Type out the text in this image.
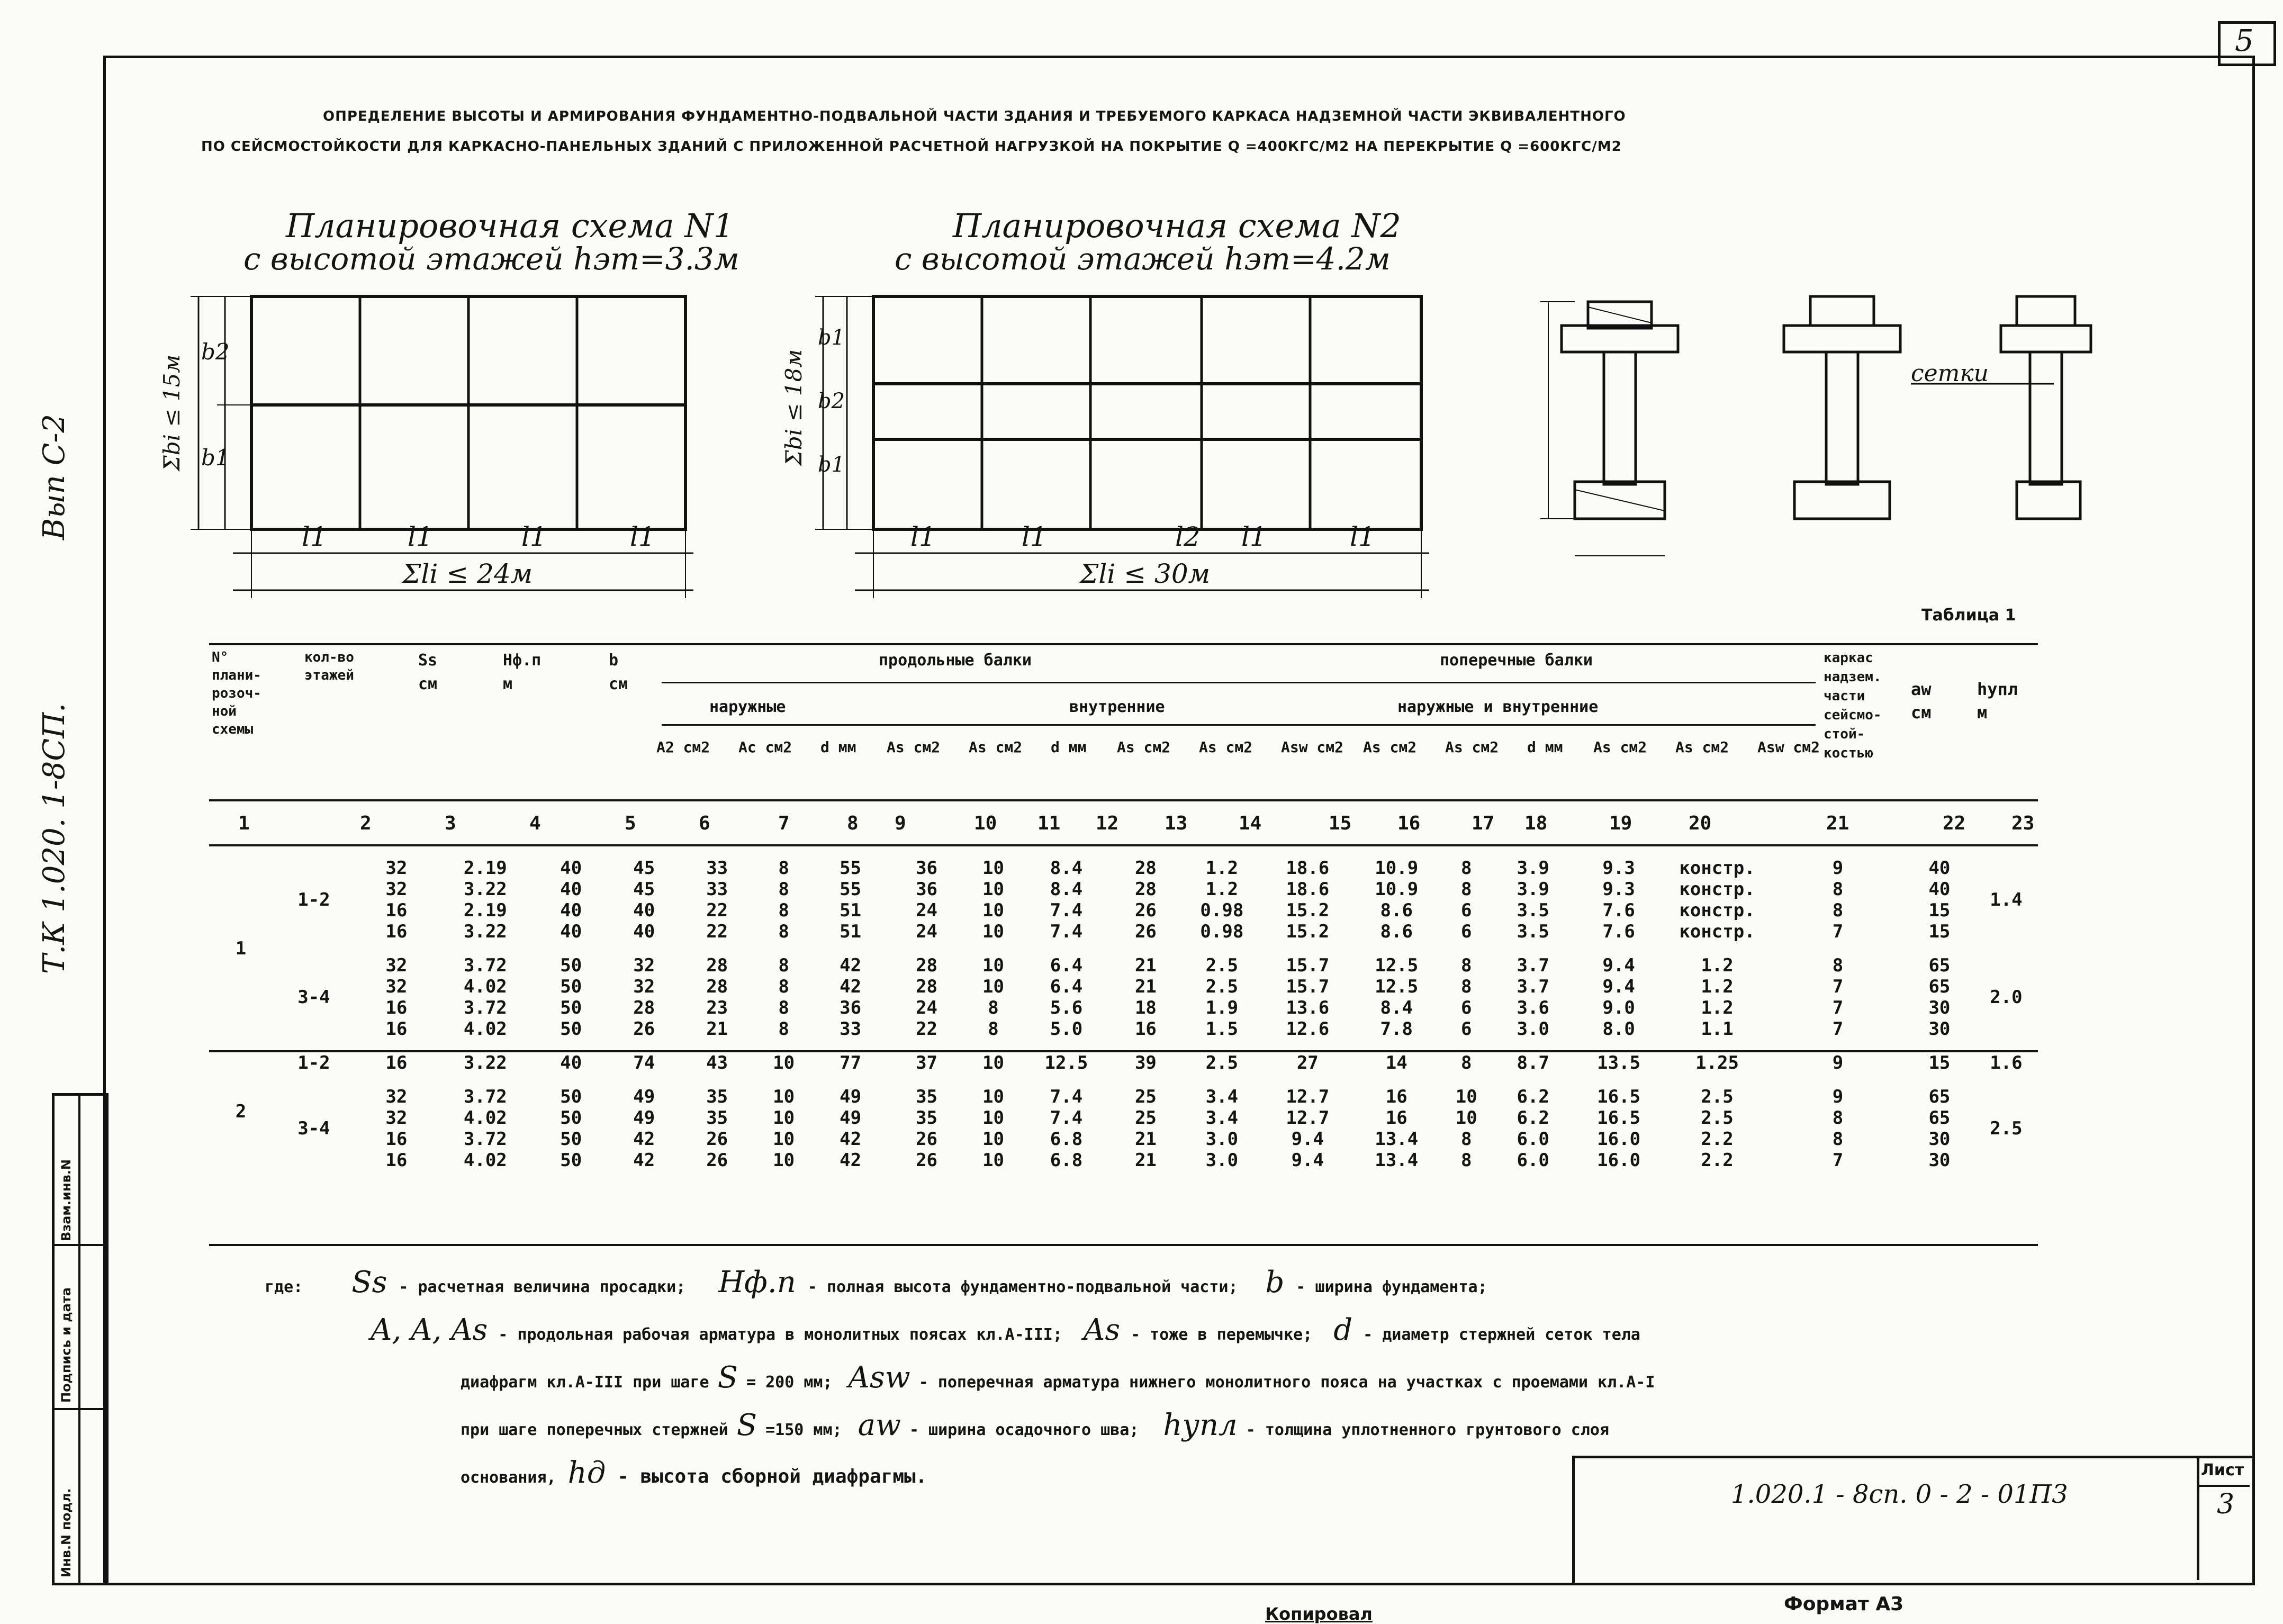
5
Вып С-2
Т.К 1.020. 1-8СП.
Инв.N подл.
Подпись и дата
Взам.инв.N
ОПРЕДЕЛЕНИЕ ВЫСОТЫ И АРМИРОВАНИЯ ФУНДАМЕНТНО-ПОДВАЛЬНОЙ ЧАСТИ ЗДАНИЯ И ТРЕБУЕМОГО КАРКАСА НАДЗЕМНОЙ ЧАСТИ ЭКВИВАЛЕНТНОГО
ПО СЕЙСМОСТОЙКОСТИ ДЛЯ КАРКАСНО-ПАНЕЛЬНЫХ ЗДАНИЙ С ПРИЛОЖЕННОЙ РАСЧЕТНОЙ НАГРУЗКОЙ НА ПОКРЫТИЕ Q =400КГС/М2 НА ПЕРЕКРЫТИЕ Q =600КГС/М2
Планировочная схема N1
с высотой этажей hэт=3.3м
Σbi ≤ 15м
b2
b1
l1	l1	l1	l1
Σli ≤ 24м
Планировочная схема N2
с высотой этажей hэт=4.2м
Σbi ≤ 18м
b1
b2
b1
l1	l1	l2 l1	l1
Σli ≤ 30м
сетки
Таблица 1
N° плани- розоч- ной схемы
кол-во этажей
Ss см
Hф.п м
b см
продольные балки	поперечные балки
наружные	внутренние	наружные и внутренние
каркас надзем. части сейсмо- стой- костью
aw см
hупл м
A2 см2	Ac см2	d мм	As см2	As см2	d мм	As см2	As см2	Asw см2 As см2	As см2	d мм	As см2	As см2	Asw см2
1	2	3	4	5	6	7	8 9	10 11 12 13	14	15 16	17 18	19	20	21	22 23
1	1-2	32	2.19	40	45	33	8	55	36	10	8.4	28	1.2	18.6	10.9	8	3.9	9.3	констр.	9	40	1.4
		32	3.22	40	45	33	8	55	36	10	8.4	28	1.2	18.6	10.9	8	3.9	9.3	констр.	8	40	
		16	2.19	40	40	22	8	51	24	10	7.4	26	0.98	15.2	8.6	6	3.5	7.6	констр.	8	15	
		16	3.22	40	40	22	8	51	24	10	7.4	26	0.98	15.2	8.6	6	3.5	7.6	констр.	7	15	

	3-4	32	3.72	50	32	28	8	42	28	10	6.4	21	2.5	15.7	12.5	8	3.7	9.4	1.2	8	65	2.0
		32	4.02	50	32	28	8	42	28	10	6.4	21	2.5	15.7	12.5	8	3.7	9.4	1.2	7	65	
		16	3.72	50	28	23	8	36	24	8	5.6	18	1.9	13.6	8.4	6	3.6	9.0	1.2	7	30	
		16	4.02	50	26	21	8	33	22	8	5.0	16	1.5	12.6	7.8	6	3.0	8.0	1.1	7	30	

2	1-2	16	3.22	40	74	43	10	77	37	10	12.5	39	2.5	27	14	8	8.7	13.5	1.25	9	15	1.6

	3-4	32	3.72	50	49	35	10	49	35	10	7.4	25	3.4	12.7	16	10	6.2	16.5	2.5	9	65	2.5
		32	4.02	50	49	35	10	49	35	10	7.4	25	3.4	12.7	16	10	6.2	16.5	2.5	8	65	
		16	3.72	50	42	26	10	42	26	10	6.8	21	3.0	9.4	13.4	8	6.0	16.0	2.2	8	30	
		16	4.02	50	42	26	10	42	26	10	6.8	21	3.0	9.4	13.4	8	6.0	16.0	2.2	7	30	
где: Ss - расчетная величина просадки; Hф.п - полная высота фундаментно-подвальной части; b - ширина фундамента;
A, A, As - продольная рабочая арматура в монолитных поясах кл.A-III; As - тоже в перемычке; d - диаметр стержней сеток тела
диафрагм кл.A-III при шаге S = 200 мм; Asw - поперечная арматура нижнего монолитного пояса на участках с проемами кл.A-I
при шаге поперечных стержней S =150 мм; aw - ширина осадочного шва; hупл - толщина уплотненного грунтового слоя
основания, hд - высота сборной диафрагмы.
1.020.1 - 8сп. 0 - 2 - 01П3
Лист
3
Копировал	Формат А3
